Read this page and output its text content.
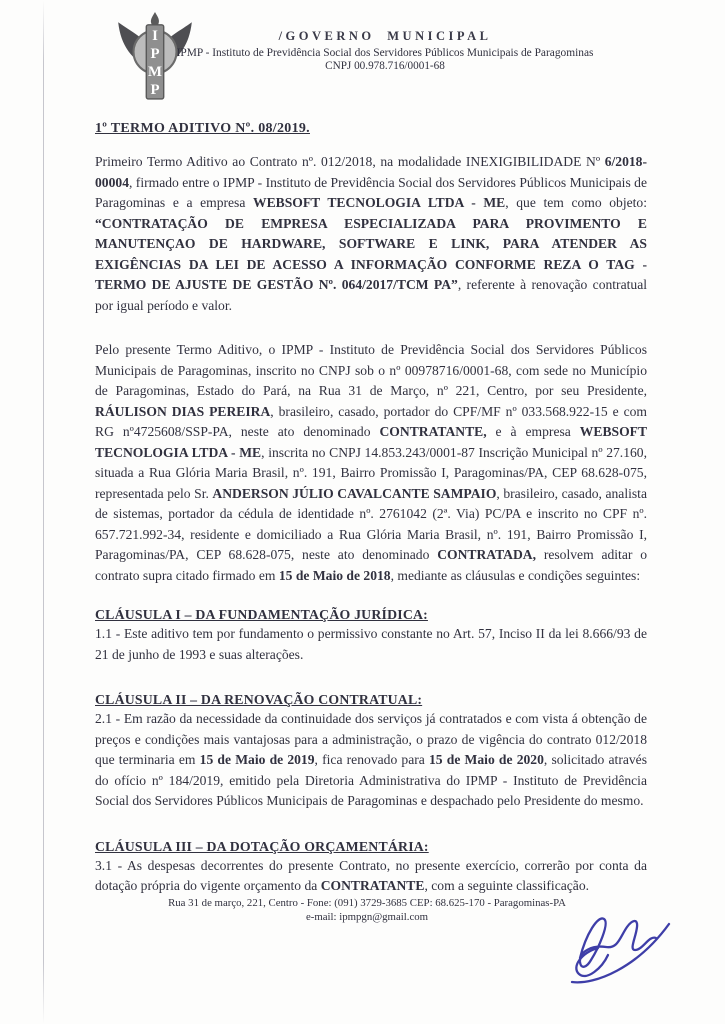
I
P
M
P
/GOVERNO MUNICIPAL
IPMP - Instituto de Previdência Social dos Servidores Públicos Municipais de Paragominas
CNPJ 00.978.716/0001-68
1º TERMO ADITIVO Nº. 08/2019.

Primeiro Termo Aditivo ao Contrato nº. 012/2018, na modalidade INEXIGIBILIDADE Nº 6/2018-00004, firmado entre o IPMP - Instituto de Previdência Social dos Servidores Públicos Municipais de Paragominas e a empresa WEBSOFT TECNOLOGIA LTDA - ME, que tem como objeto: “CONTRATAÇÃO DE EMPRESA ESPECIALIZADA PARA PROVIMENTO E MANUTENÇAO DE HARDWARE, SOFTWARE E LINK, PARA ATENDER AS EXIGÊNCIAS DA LEI DE ACESSO A INFORMAÇÃO CONFORME REZA O TAG - TERMO DE AJUSTE DE GESTÃO Nº. 064/2017/TCM PA”, referente à renovação contratual por igual período e valor.

Pelo presente Termo Aditivo, o IPMP - Instituto de Previdência Social dos Servidores Públicos Municipais de Paragominas, inscrito no CNPJ sob o nº 00978716/0001-68, com sede no Município de Paragominas, Estado do Pará, na Rua 31 de Março, nº 221, Centro, por seu Presidente, RÁULISON DIAS PEREIRA, brasileiro, casado, portador do CPF/MF nº 033.568.922-15 e com RG nº4725608/SSP-PA, neste ato denominado CONTRATANTE, e à empresa WEBSOFT TECNOLOGIA LTDA - ME, inscrita no CNPJ 14.853.243/0001-87 Inscrição Municipal nº 27.160, situada a Rua Glória Maria Brasil, nº. 191, Bairro Promissão I, Paragominas/PA, CEP 68.628-075, representada pelo Sr. ANDERSON JÚLIO CAVALCANTE SAMPAIO, brasileiro, casado, analista de sistemas, portador da cédula de identidade nº. 2761042 (2ª. Via) PC/PA e inscrito no CPF nº. 657.721.992-34, residente e domiciliado a Rua Glória Maria Brasil, nº. 191, Bairro Promissão I, Paragominas/PA, CEP 68.628-075, neste ato denominado CONTRATADA, resolvem aditar o contrato supra citado firmado em 15 de Maio de 2018, mediante as cláusulas e condições seguintes:

CLÁUSULA I – DA FUNDAMENTAÇÃO JURÍDICA:

1.1 - Este aditivo tem por fundamento o permissivo constante no Art. 57, Inciso II da lei 8.666/93 de 21 de junho de 1993 e suas alterações.

CLÁUSULA II – DA RENOVAÇÃO CONTRATUAL:

2.1 - Em razão da necessidade da continuidade dos serviços já contratados e com vista á obtenção de preços e condições mais vantajosas para a administração, o prazo de vigência do contrato 012/2018 que terminaria em 15 de Maio de 2019, fica renovado para 15 de Maio de 2020, solicitado através do ofício nº 184/2019, emitido pela Diretoria Administrativa do IPMP - Instituto de Previdência Social dos Servidores Públicos Municipais de Paragominas e despachado pelo Presidente do mesmo.

CLÁUSULA III – DA DOTAÇÃO ORÇAMENTÁRIA:

3.1 - As despesas decorrentes do presente Contrato, no presente exercício, correrão por conta da dotação própria do vigente orçamento da CONTRATANTE, com a seguinte classificação.

Rua 31 de março, 221, Centro - Fone: (091) 3729-3685 CEP: 68.625-170 - Paragominas-PA
e-mail: ipmpgn@gmail.com
